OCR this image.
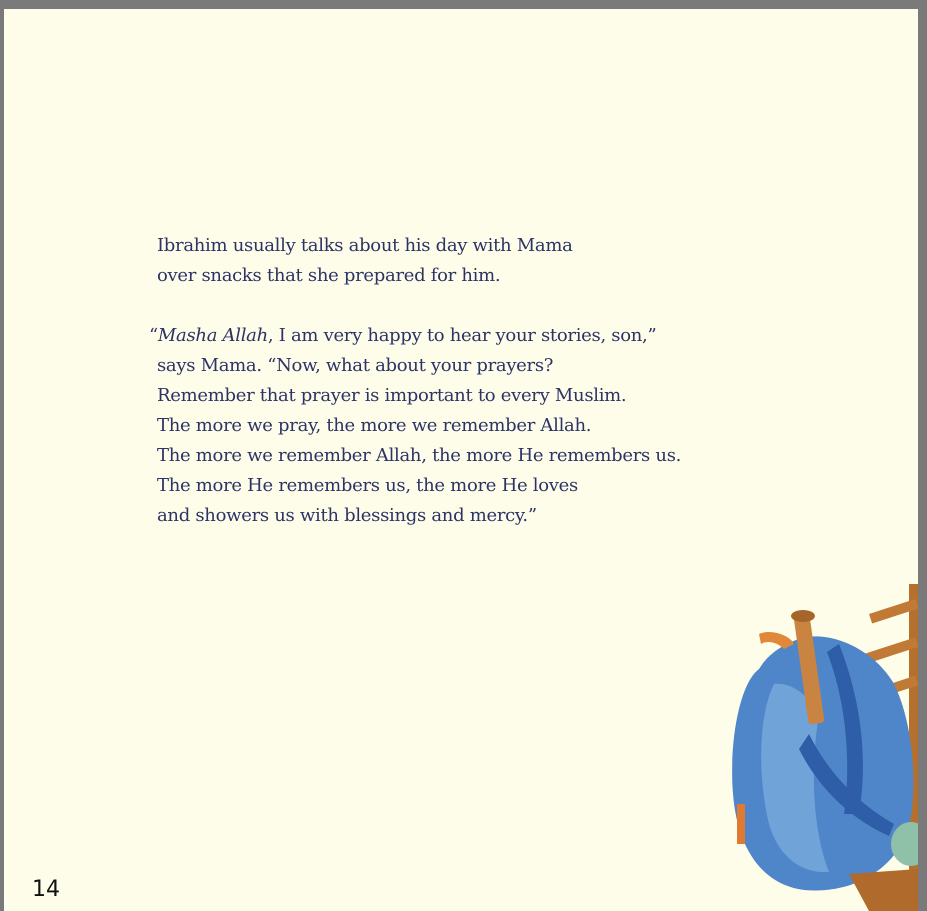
Ibrahim usually talks about his day with Mama
over snacks that she prepared for him.

“Masha Allah, I am very happy to hear your stories, son,”
says Mama. “Now, what about your prayers?
Remember that prayer is important to every Muslim.
The more we pray, the more we remember Allah.
The more we remember Allah, the more He remembers us.
The more He remembers us, the more He loves
and showers us with blessings and mercy.”

14
